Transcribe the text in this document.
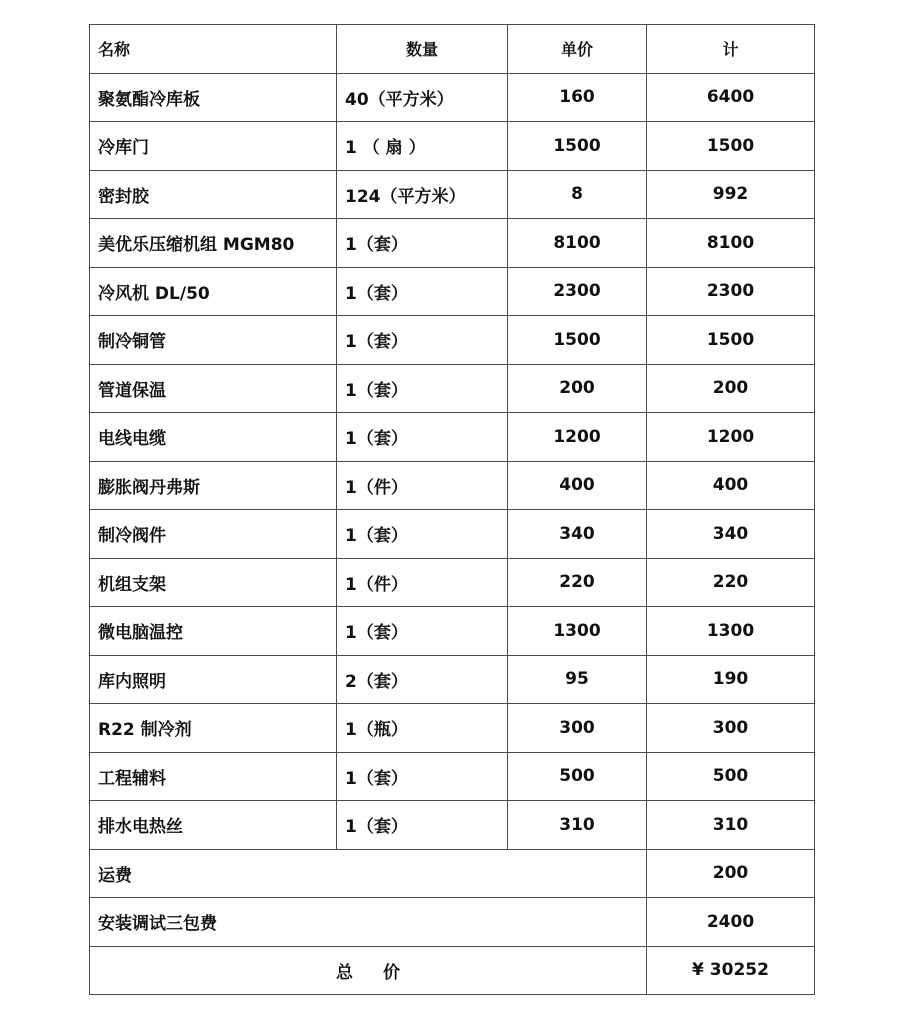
名称	数量	单价	计
聚氨酯冷库板	40（平方米）	160	6400
冷库门	1 （ 扇 ）	1500	1500
密封胶	124（平方米）	8	992
美优乐压缩机组 MGM80	1（套）	8100	8100
冷风机 DL/50	1（套）	2300	2300
制冷铜管	1（套）	1500	1500
管道保温	1（套）	200	200
电线电缆	1（套）	1200	1200
膨胀阀丹弗斯	1（件）	400	400
制冷阀件	1（套）	340	340
机组支架	1（件）	220	220
微电脑温控	1（套）	1300	1300
库内照明	2（套）	95	190
R22 制冷剂	1（瓶）	300	300
工程辅料	1（套）	500	500
排水电热丝	1（套）	310	310
运费			200
安装调试三包费			2400
总 价			¥ 30252
